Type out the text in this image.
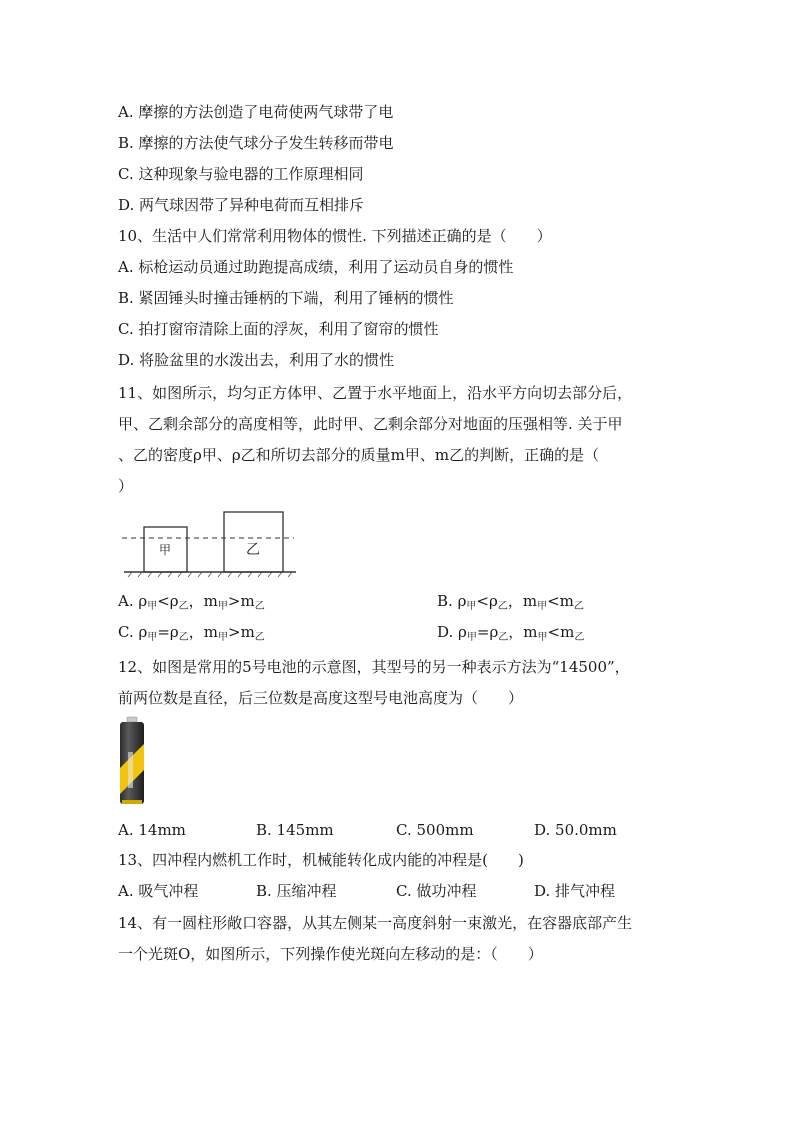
A. 摩擦的方法创造了电荷使两气球带了电
B. 摩擦的方法使气球分子发生转移而带电
C. 这种现象与验电器的工作原理相同
D. 两气球因带了异种电荷而互相排斥
10、生活中人们常常利用物体的惯性. 下列描述正确的是（　　）
A. 标枪运动员通过助跑提高成绩，利用了运动员自身的惯性
B. 紧固锤头时撞击锤柄的下端，利用了锤柄的惯性
C. 拍打窗帘清除上面的浮灰，利用了窗帘的惯性
D. 将脸盆里的水泼出去，利用了水的惯性
11、如图所示，均匀正方体甲、乙置于水平地面上，沿水平方向切去部分后，
甲、乙剩余部分的高度相等，此时甲、乙剩余部分对地面的压强相等. 关于甲
、乙的密度ρ甲、ρ乙和所切去部分的质量m甲、m乙的判断，正确的是（
）
甲	乙
A. $\rho_甲<\rho_乙$，$m_甲>m_乙$	B. $\rho_甲<\rho_乙$，$m_甲<m_乙$
C. $\rho_甲=\rho_乙$，$m_甲>m_乙$	D. $\rho_甲=\rho_乙$，$m_甲<m_乙$
12、如图是常用的5号电池的示意图，其型号的另一种表示方法为“14500”，
前两位数是直径，后三位数是高度这型号电池高度为（　　）
A. 14mm	B. 145mm	C. 500mm	D. 50.0mm
13、四冲程内燃机工作时，机械能转化成内能的冲程是(　　)
A. 吸气冲程	B. 压缩冲程	C. 做功冲程	D. 排气冲程
14、有一圆柱形敞口容器，从其左侧某一高度斜射一束激光，在容器底部产生
一个光斑O，如图所示，下列操作使光斑向左移动的是：（　　）
